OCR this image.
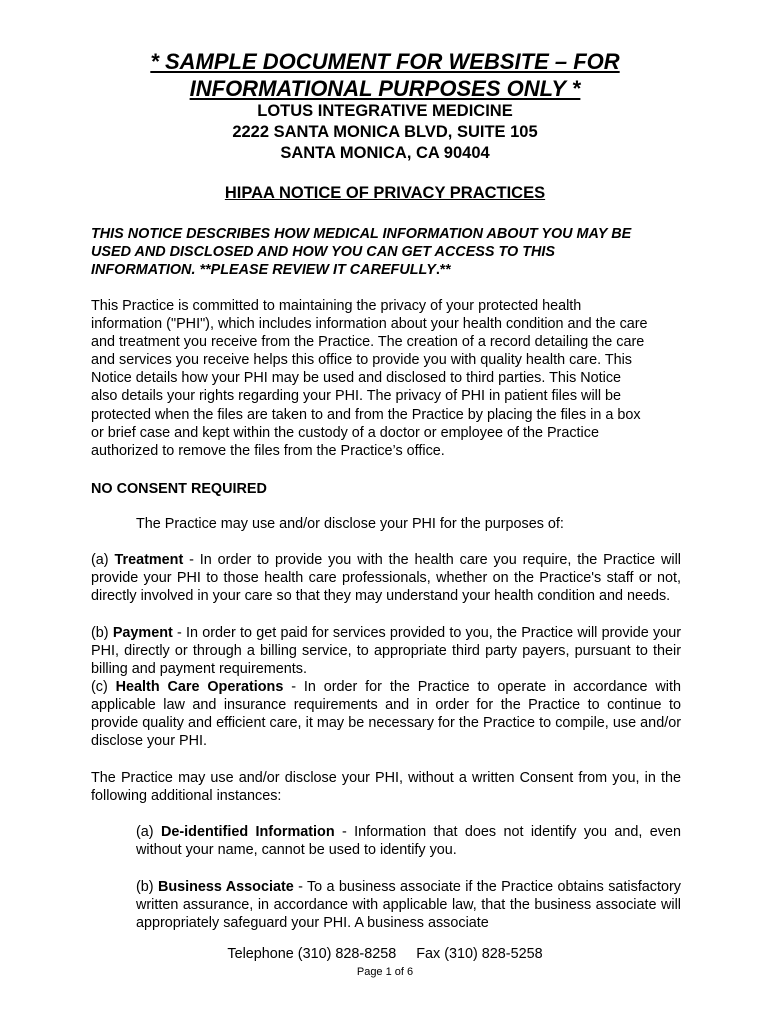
* SAMPLE DOCUMENT FOR WEBSITE – FOR
INFORMATIONAL PURPOSES ONLY *
LOTUS INTEGRATIVE MEDICINE
2222 SANTA MONICA BLVD, SUITE 105
SANTA MONICA, CA 90404
HIPAA NOTICE OF PRIVACY PRACTICES
THIS NOTICE DESCRIBES HOW MEDICAL INFORMATION ABOUT YOU MAY BE
USED AND DISCLOSED AND HOW YOU CAN GET ACCESS TO THIS
INFORMATION. **PLEASE REVIEW IT CAREFULLY.**
This Practice is committed to maintaining the privacy of your protected health
information ("PHI"), which includes information about your health condition and the care
and treatment you receive from the Practice. The creation of a record detailing the care
and services you receive helps this office to provide you with quality health care. This
Notice details how your PHI may be used and disclosed to third parties. This Notice
also details your rights regarding your PHI. The privacy of PHI in patient files will be
protected when the files are taken to and from the Practice by placing the files in a box
or brief case and kept within the custody of a doctor or employee of the Practice
authorized to remove the files from the Practice’s office.
NO CONSENT REQUIRED
The Practice may use and/or disclose your PHI for the purposes of:
(a) Treatment - In order to provide you with the health care you require, the Practice will provide your PHI to those health care professionals, whether on the Practice's staff or not, directly involved in your care so that they may understand your health condition and needs.
(b) Payment - In order to get paid for services provided to you, the Practice will provide your PHI, directly or through a billing service, to appropriate third party payers, pursuant to their billing and payment requirements.
(c) Health Care Operations - In order for the Practice to operate in accordance with applicable law and insurance requirements and in order for the Practice to continue to provide quality and efficient care, it may be necessary for the Practice to compile, use and/or disclose your PHI.
The Practice may use and/or disclose your PHI, without a written Consent from you, in the following additional instances:
(a) De-identified Information - Information that does not identify you and, even without your name, cannot be used to identify you.
(b) Business Associate - To a business associate if the Practice obtains satisfactory written assurance, in accordance with applicable law, that the business associate will appropriately safeguard your PHI. A business associate
Telephone (310) 828-8258     Fax (310) 828-5258
Page 1 of 6
